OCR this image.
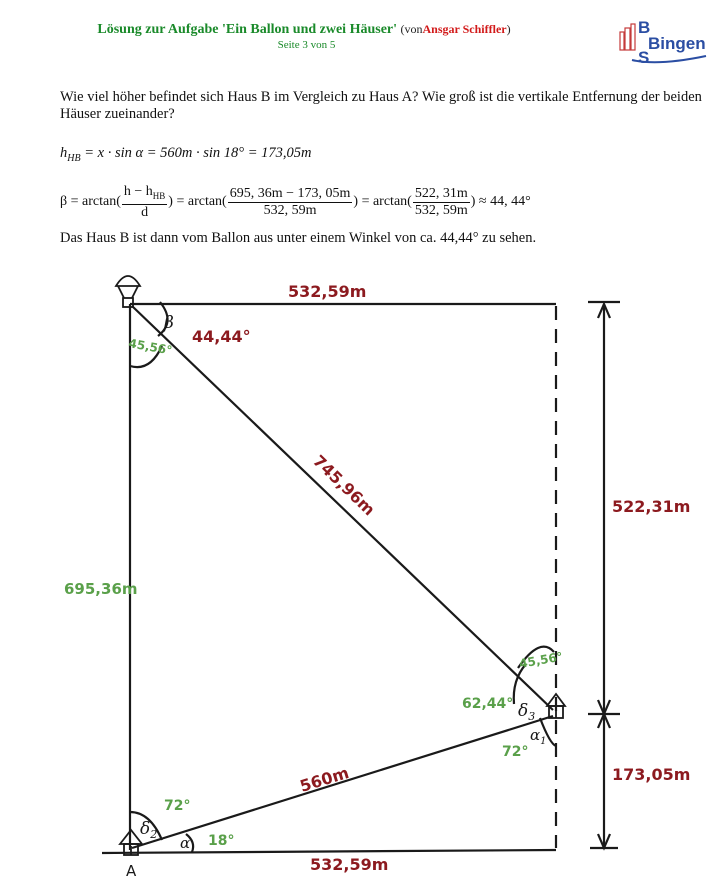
Lösung zur Aufgabe 'Ein Ballon und zwei Häuser' (vonAnsgar Schiffler)
Seite 3 von 5
B
Bingen
S
Wie viel höher befindet sich Haus B im Vergleich zu Haus A? Wie groß ist die vertikale Entfernung der beiden Häuser zueinander?
$h_{HB} = x \cdot \sin \alpha = 560m \cdot \sin 18^\circ = 173,05m$
$\beta = \arctan( \frac{h - h_{HB}}{d}$ ) = $\arctan( \frac{695, 36m - 173, 05m}{532, 59m}$ ) = $\arctan( \frac{522, 31m}{532, 59m}$ ) ≈ 44, 44°
Das Haus B ist dann vom Ballon aus unter einem Winkel von ca. 44,44° zu sehen.
532,59m
532,59m
522,31m
173,05m
44,44°
745,96m
560m
695,36m
45,56°
45,56°
62,44°
72°
72°
18°
β
$\delta_3$
$\alpha_1$
$\delta_2$ α
A
